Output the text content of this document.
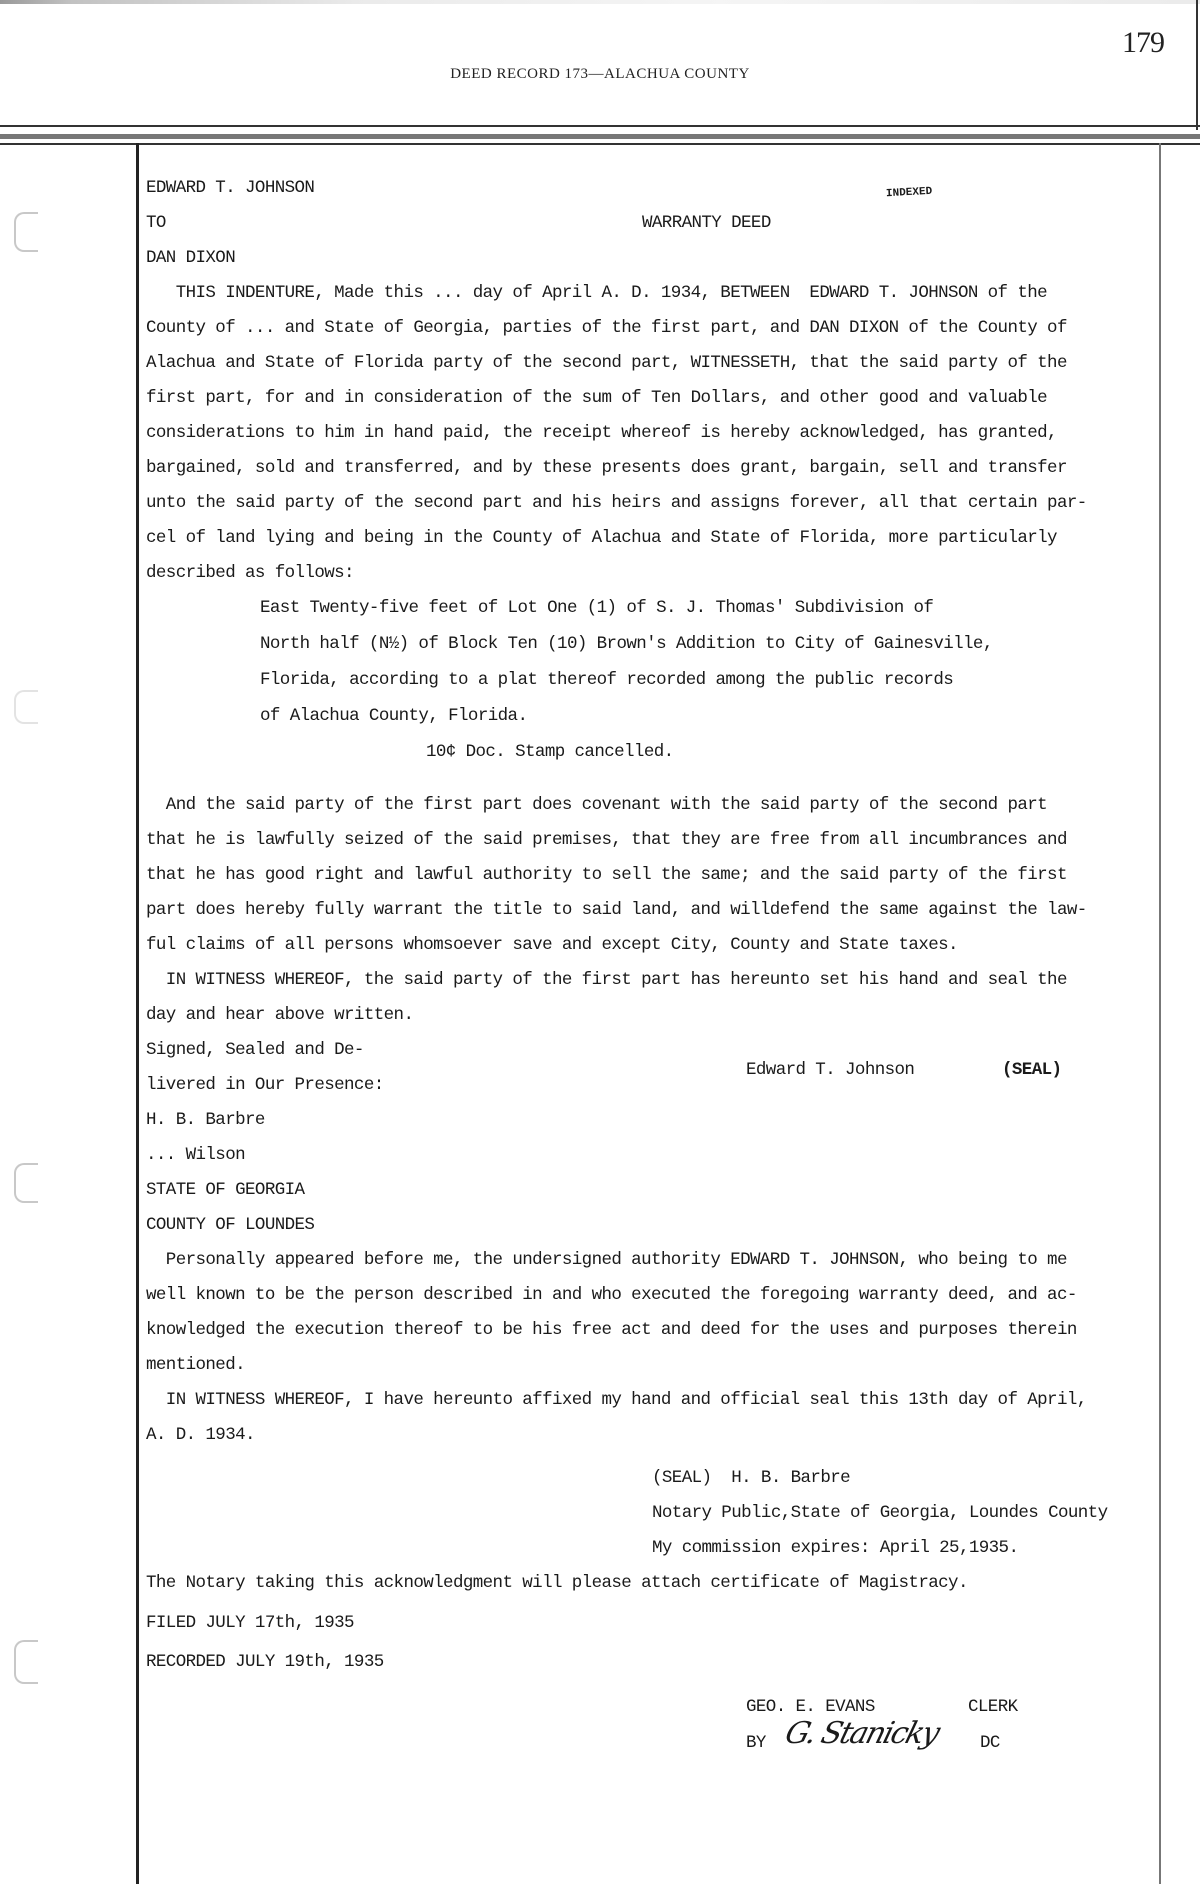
179
DEED RECORD 173—ALACHUA COUNTY
EDWARD T. JOHNSON	INDEXED
TO	WARRANTY DEED
DAN DIXON
THIS INDENTURE, Made this ... day of April A. D. 1934, BETWEEN  EDWARD T. JOHNSON of the
County of ... and State of Georgia, parties of the first part, and DAN DIXON of the County of
Alachua and State of Florida party of the second part, WITNESSETH, that the said party of the
first part, for and in consideration of the sum of Ten Dollars, and other good and valuable
considerations to him in hand paid, the receipt whereof is hereby acknowledged, has granted,
bargained, sold and transferred, and by these presents does grant, bargain, sell and transfer
unto the said party of the second part and his heirs and assigns forever, all that certain par-
cel of land lying and being in the County of Alachua and State of Florida, more particularly
described as follows:
East Twenty-five feet of Lot One (1) of S. J. Thomas' Subdivision of
North half (N½) of Block Ten (10) Brown's Addition to City of Gainesville,
Florida, according to a plat thereof recorded among the public records
of Alachua County, Florida.
10¢ Doc. Stamp cancelled.
And the said party of the first part does covenant with the said party of the second part
that he is lawfully seized of the said premises, that they are free from all incumbrances and
that he has good right and lawful authority to sell the same; and the said party of the first
part does hereby fully warrant the title to said land, and willdefend the same against the law-
ful claims of all persons whomsoever save and except City, County and State taxes.
IN WITNESS WHEREOF, the said party of the first part has hereunto set his hand and seal the
day and hear above written.
Signed, Sealed and De-
livered in Our Presence:
Edward T. Johnson	(SEAL)
H. B. Barbre
... Wilson
STATE OF GEORGIA
COUNTY OF LOUNDES
Personally appeared before me, the undersigned authority EDWARD T. JOHNSON, who being to me
well known to be the person described in and who executed the foregoing warranty deed, and ac-
knowledged the execution thereof to be his free act and deed for the uses and purposes therein
mentioned.
IN WITNESS WHEREOF, I have hereunto affixed my hand and official seal this 13th day of April,
A. D. 1934.
(SEAL)  H. B. Barbre
Notary Public,State of Georgia, Loundes County
My commission expires: April 25,1935.
The Notary taking this acknowledgment will please attach certificate of Magistracy.
FILED JULY 17th, 1935
RECORDED JULY 19th, 1935
GEO. E. EVANS	CLERK
BY G. Stanicky DC
